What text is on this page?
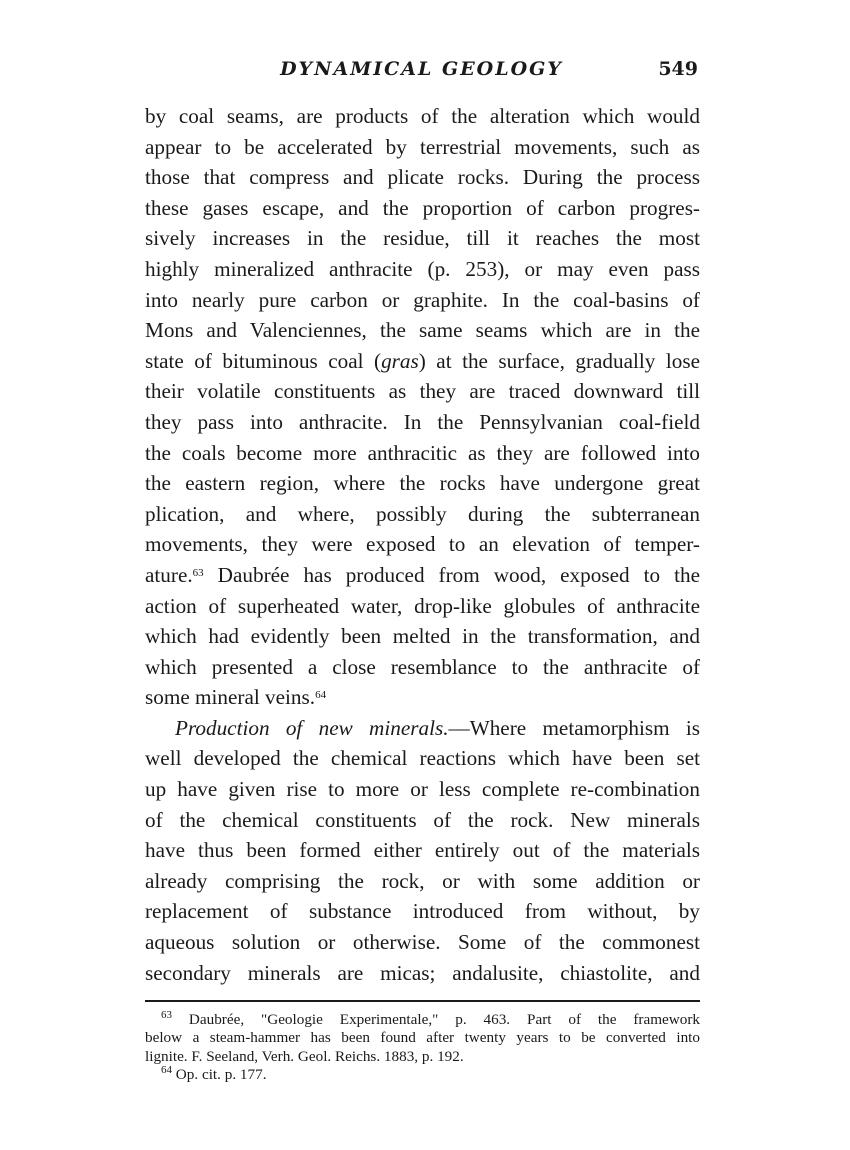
DYNAMICAL GEOLOGY	549
by coal seams, are products of the alteration which would
appear to be accelerated by terrestrial movements, such as
those that compress and plicate rocks. During the process
these gases escape, and the proportion of carbon progres-
sively increases in the residue, till it reaches the most
highly mineralized anthracite (p. 253), or may even pass
into nearly pure carbon or graphite. In the coal-basins of
Mons and Valenciennes, the same seams which are in the
state of bituminous coal (gras) at the surface, gradually lose
their volatile constituents as they are traced downward till
they pass into anthracite. In the Pennsylvanian coal-field
the coals become more anthracitic as they are followed into
the eastern region, where the rocks have undergone great
plication, and where, possibly during the subterranean
movements, they were exposed to an elevation of temper-
ature.$^{63}$ Daubrée has produced from wood, exposed to the
action of superheated water, drop-like globules of anthracite
which had evidently been melted in the transformation, and
which presented a close resemblance to the anthracite of
some mineral veins.$^{64}$
Production of new minerals.—Where metamorphism is
well developed the chemical reactions which have been set
up have given rise to more or less complete re-combination
of the chemical constituents of the rock. New minerals
have thus been formed either entirely out of the materials
already comprising the rock, or with some addition or
replacement of substance introduced from without, by
aqueous solution or otherwise. Some of the commonest
secondary minerals are micas; andalusite, chiastolite, and
$^{63}$ Daubrée, "Geologie Experimentale," p. 463. Part of the framework
below a steam-hammer has been found after twenty years to be converted into
lignite. F. Seeland, Verh. Geol. Reichs. 1883, p. 192.
$^{64}$ Op. cit. p. 177.
